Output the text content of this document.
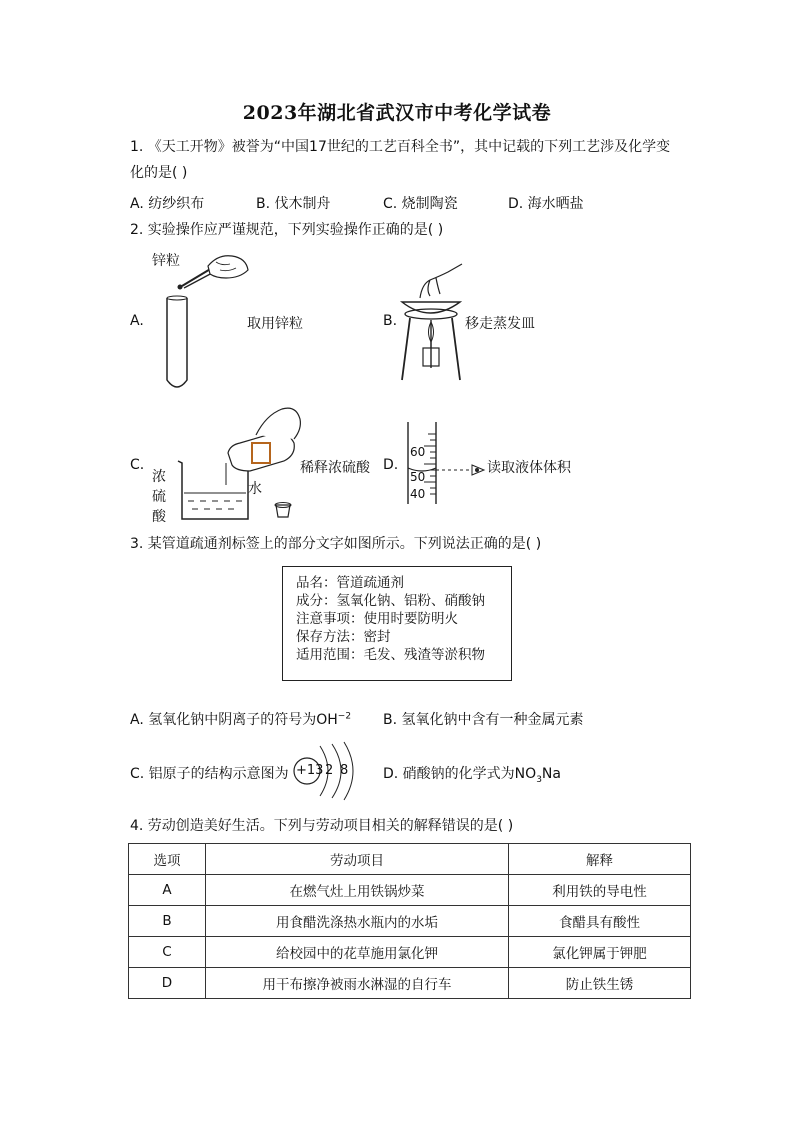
2023年湖北省武汉市中考化学试卷
1. 《天工开物》被誉为“中国17世纪的工艺百科全书”，其中记载的下列工艺涉及化学变
化的是( )
A. 纺纱织布	B. 伐木制舟	C. 烧制陶瓷	D. 海水晒盐
2. 实验操作应严谨规范，下列实验操作正确的是( )
锌粒
A.	取用锌粒	B.	移走蒸发皿
C.
浓
硫
酸
水
稀释浓硫酸 D.
60
50
40
读取液体体积
3. 某管道疏通剂标签上的部分文字如图所示。下列说法正确的是( )
品名：管道疏通剂
成分：氢氧化钠、铝粉、硝酸钠
注意事项：使用时要防明火
保存方法：密封
适用范围：毛发、残渣等淤积物
A. 氢氧化钠中阴离子的符号为$OH^{-2}$ B. 氢氧化钠中含有一种金属元素
C. 铝原子的结构示意图为 +13 2 8 D. 硝酸钠的化学式为$NO_3Na$
4. 劳动创造美好生活。下列与劳动项目相关的解释错误的是( )
选项	劳动项目	解释
A	在燃气灶上用铁锅炒菜	利用铁的导电性
B	用食醋洗涤热水瓶内的水垢	食醋具有酸性
C	给校园中的花草施用氯化钾	氯化钾属于钾肥
D	用干布擦净被雨水淋湿的自行车	防止铁生锈
